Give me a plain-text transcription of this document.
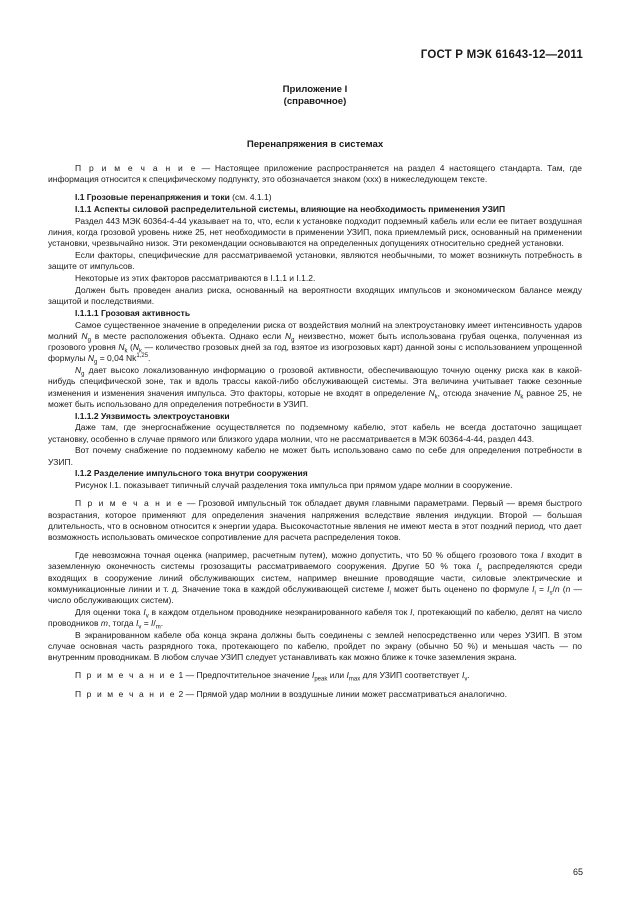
ГОСТ Р МЭК 61643-12—2011
Приложение I
(справочное)
Перенапряжения в системах

П р и м е ч а н и е — Настоящее приложение распространяется на раздел 4 настоящего стандарта. Там, где информация относится к специфическому подпункту, это обозначается знаком (ххх) в нижеследующем тексте.

I.1 Грозовые перенапряжения и токи (см. 4.1.1)

I.1.1 Аспекты силовой распределительной системы, влияющие на необходимость применения УЗИП

Раздел 443 МЭК 60364-4-44 указывает на то, что, если к установке подходит подземный кабель или если ее питает воздушная линия, когда грозовой уровень ниже 25, нет необходимости в применении УЗИП, пока приемлемый риск, основанный на применении установки, чрезвычайно низок. Эти рекомендации основываются на определенных допущениях относительно средней установки.

Если факторы, специфические для рассматриваемой установки, являются необычными, то может возникнуть потребность в защите от импульсов.

Некоторые из этих факторов рассматриваются в I.1.1 и I.1.2.

Должен быть проведен анализ риска, основанный на вероятности входящих импульсов и экономическом балансе между защитой и последствиями.

I.1.1.1 Грозовая активность

Самое существенное значение в определении риска от воздействия молний на электроустановку имеет интенсивность ударов молний $N_g$ в месте расположения объекта. Однако если $N_g$ неизвестно, может быть использована грубая оценка, полученная из грозового уровня $N_k$ ($N_k$ — количество грозовых дней за год, взятое из изогрозовых карт) данной зоны с использованием упрощенной формулы $N_g = 0,04$ Nk$^{1,25}$.

$N_g$ дает высоко локализованную информацию о грозовой активности, обеспечивающую точную оценку риска как в какой-нибудь специфической зоне, так и вдоль трассы какой-либо обслуживающей системы. Эта величина учитывает также сезонные изменения и изменения значения импульса. Это факторы, которые не входят в определение $N_k$, отсюда значение $N_k$ равное 25, не может быть использовано для определения потребности в УЗИП.

I.1.1.2 Уязвимость электроустановки

Даже там, где энергоснабжение осуществляется по подземному кабелю, этот кабель не всегда достаточно защищает установку, особенно в случае прямого или близкого удара молнии, что не рассматривается в МЭК 60364-4-44, раздел 443.

Вот почему снабжение по подземному кабелю не может быть использовано само по себе для определения потребности в УЗИП.

I.1.2 Разделение импульсного тока внутри сооружения

Рисунок I.1. показывает типичный случай разделения тока импульса при прямом ударе молнии в сооружение.

П р и м е ч а н и е — Грозовой импульсный ток обладает двумя главными параметрами. Первый — время быстрого возрастания, которое применяют для определения значения напряжения вследствие явления индукции. Второй — большая длительность, что в основном относится к энергии удара. Высокочастотные явления не имеют места в этот поздний период, что дает возможность использовать омическое сопротивление для расчета распределения токов.

Где невозможна точная оценка (например, расчетным путем), можно допустить, что 50 % общего грозового тока I входит в заземленную оконечность системы грозозащиты рассматриваемого сооружения. Другие 50 % тока $I_s$ распределяются среди входящих в сооружение линий обслуживающих систем, например внешние проводящие части, силовые электрические и коммуникационные линии и т. д. Значение тока в каждой обслуживающей системе $I_i$ может быть оценено по формуле $I_i = I_s/n$ (n — число обслуживающих систем).

Для оценки тока $I_v$ в каждом отдельном проводнике неэкранированного кабеля ток I, протекающий по кабелю, делят на число проводников m, тогда $I_v = I/_m$.

В экранированном кабеле оба конца экрана должны быть соединены с землей непосредственно или через УЗИП. В этом случае основная часть разрядного тока, протекающего по кабелю, пройдет по экрану (обычно 50 %) и меньшая часть — по внутренним проводникам. В любом случае УЗИП следует устанавливать как можно ближе к точке заземления экрана.

П р и м е ч а н и е 1 — Предпочтительное значение $I_{peak}$ или $I_{max}$ для УЗИП соответствует $I_v$.

П р и м е ч а н и е 2 — Прямой удар молнии в воздушные линии может рассматриваться аналогично.

65
